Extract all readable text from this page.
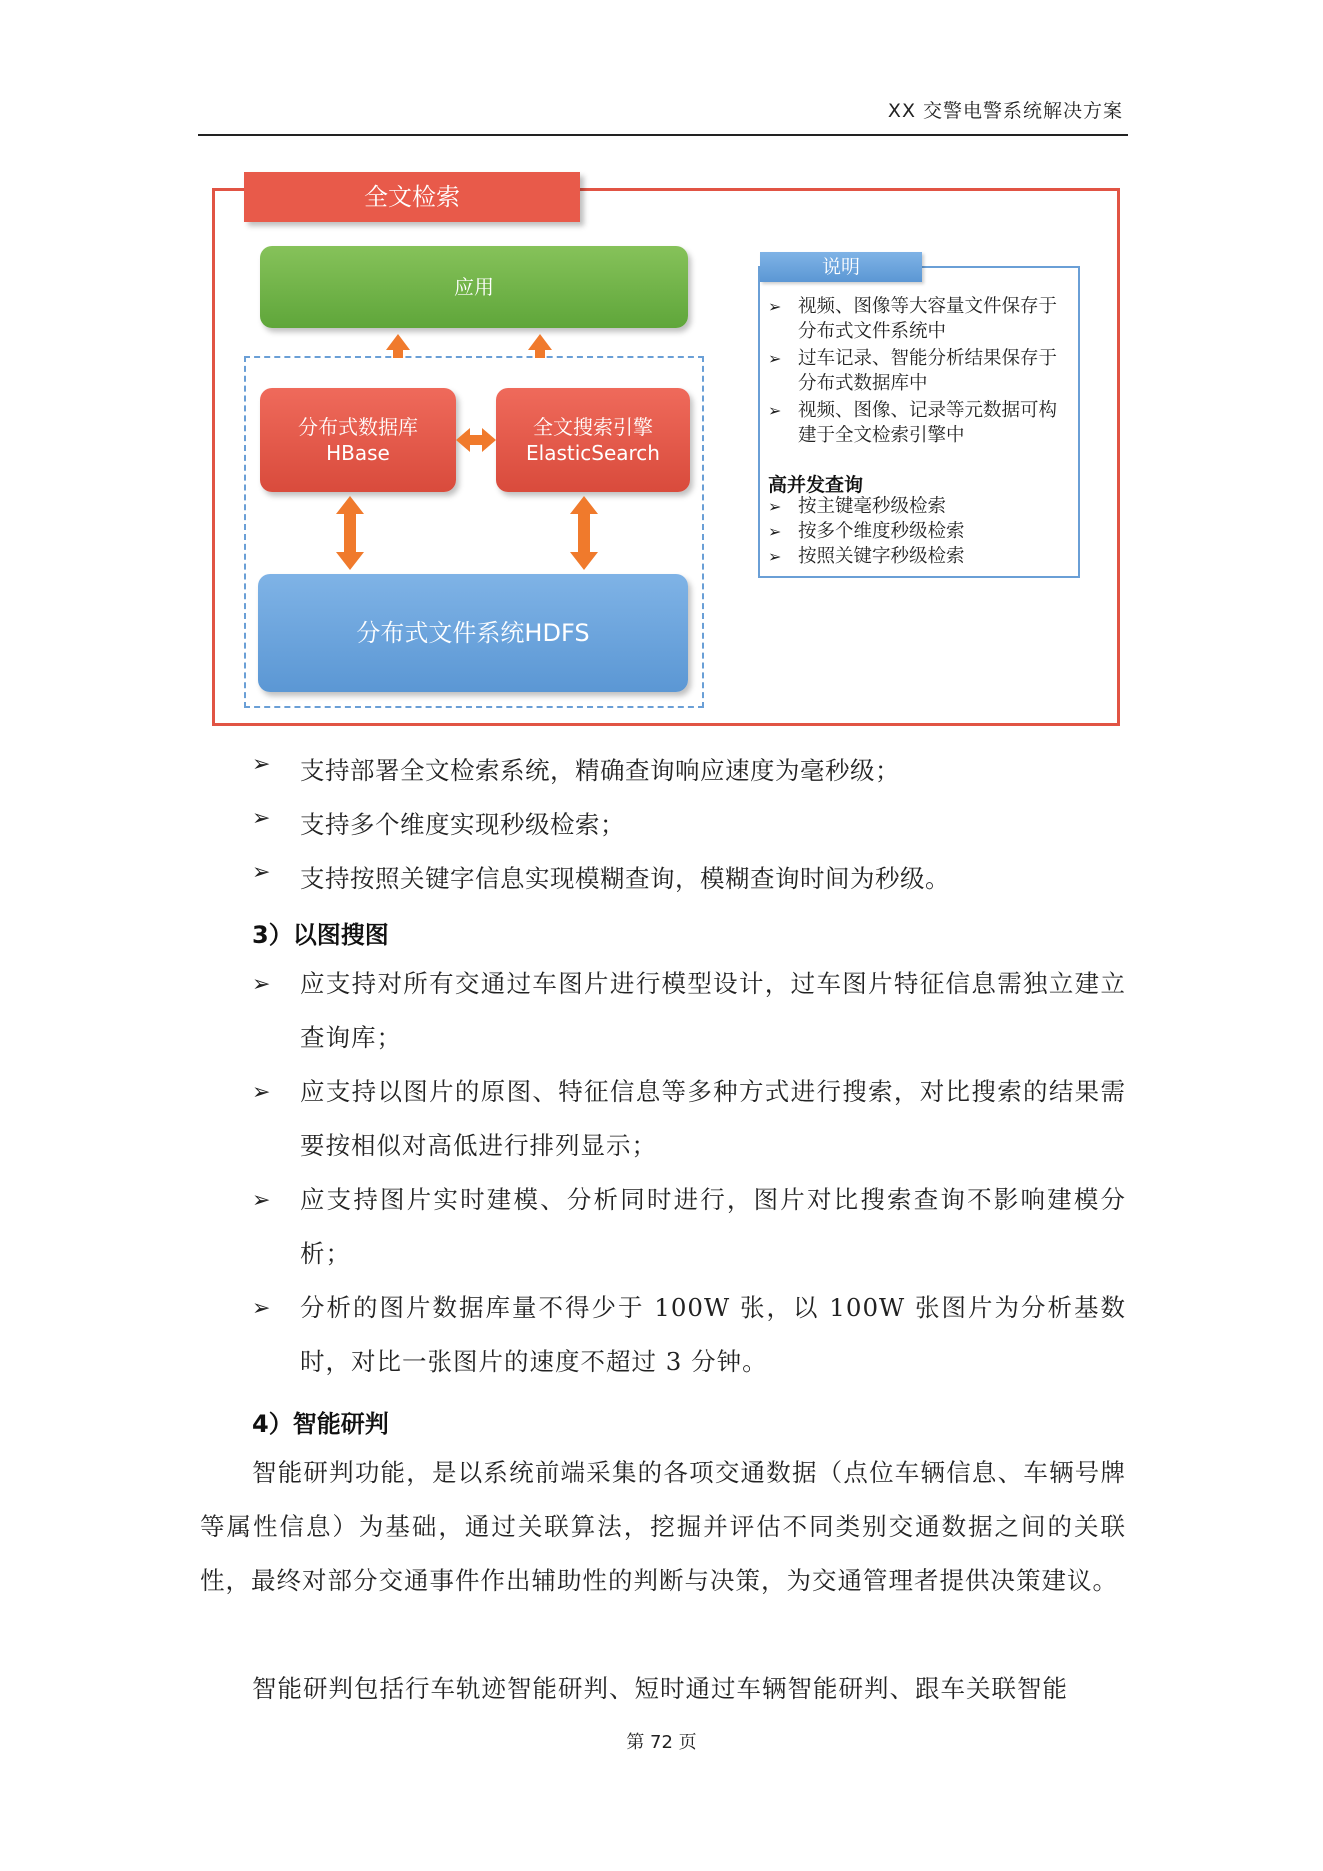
XX 交警电警系统解决方案
全文检索
应用
分布式数据库
HBase
全文搜索引擎
ElasticSearch
分布式文件系统HDFS
说明
➢ 视频、图像等大容量文件保存于分布式文件系统中
➢ 过车记录、智能分析结果保存于分布式数据库中
➢ 视频、图像、记录等元数据可构建于全文检索引擎中
高并发查询
➢ 按主键毫秒级检索
➢ 按多个维度秒级检索
➢ 按照关键字秒级检索
➢ 支持部署全文检索系统，精确查询响应速度为毫秒级；
➢ 支持多个维度实现秒级检索；
➢ 支持按照关键字信息实现模糊查询，模糊查询时间为秒级。
3）以图搜图
➢ 应支持对所有交通过车图片进行模型设计，过车图片特征信息需独立建立查询库；
➢ 应支持以图片的原图、特征信息等多种方式进行搜索，对比搜索的结果需要按相似对高低进行排列显示；
➢ 应支持图片实时建模、分析同时进行，图片对比搜索查询不影响建模分析；
➢ 分析的图片数据库量不得少于 100W 张，以 100W 张图片为分析基数时，对比一张图片的速度不超过 3 分钟。
4）智能研判
智能研判功能，是以系统前端采集的各项交通数据（点位车辆信息、车辆号牌等属性信息）为基础，通过关联算法，挖掘并评估不同类别交通数据之间的关联性，最终对部分交通事件作出辅助性的判断与决策，为交通管理者提供决策建议。
智能研判包括行车轨迹智能研判、短时通过车辆智能研判、跟车关联智能
第 72 页
